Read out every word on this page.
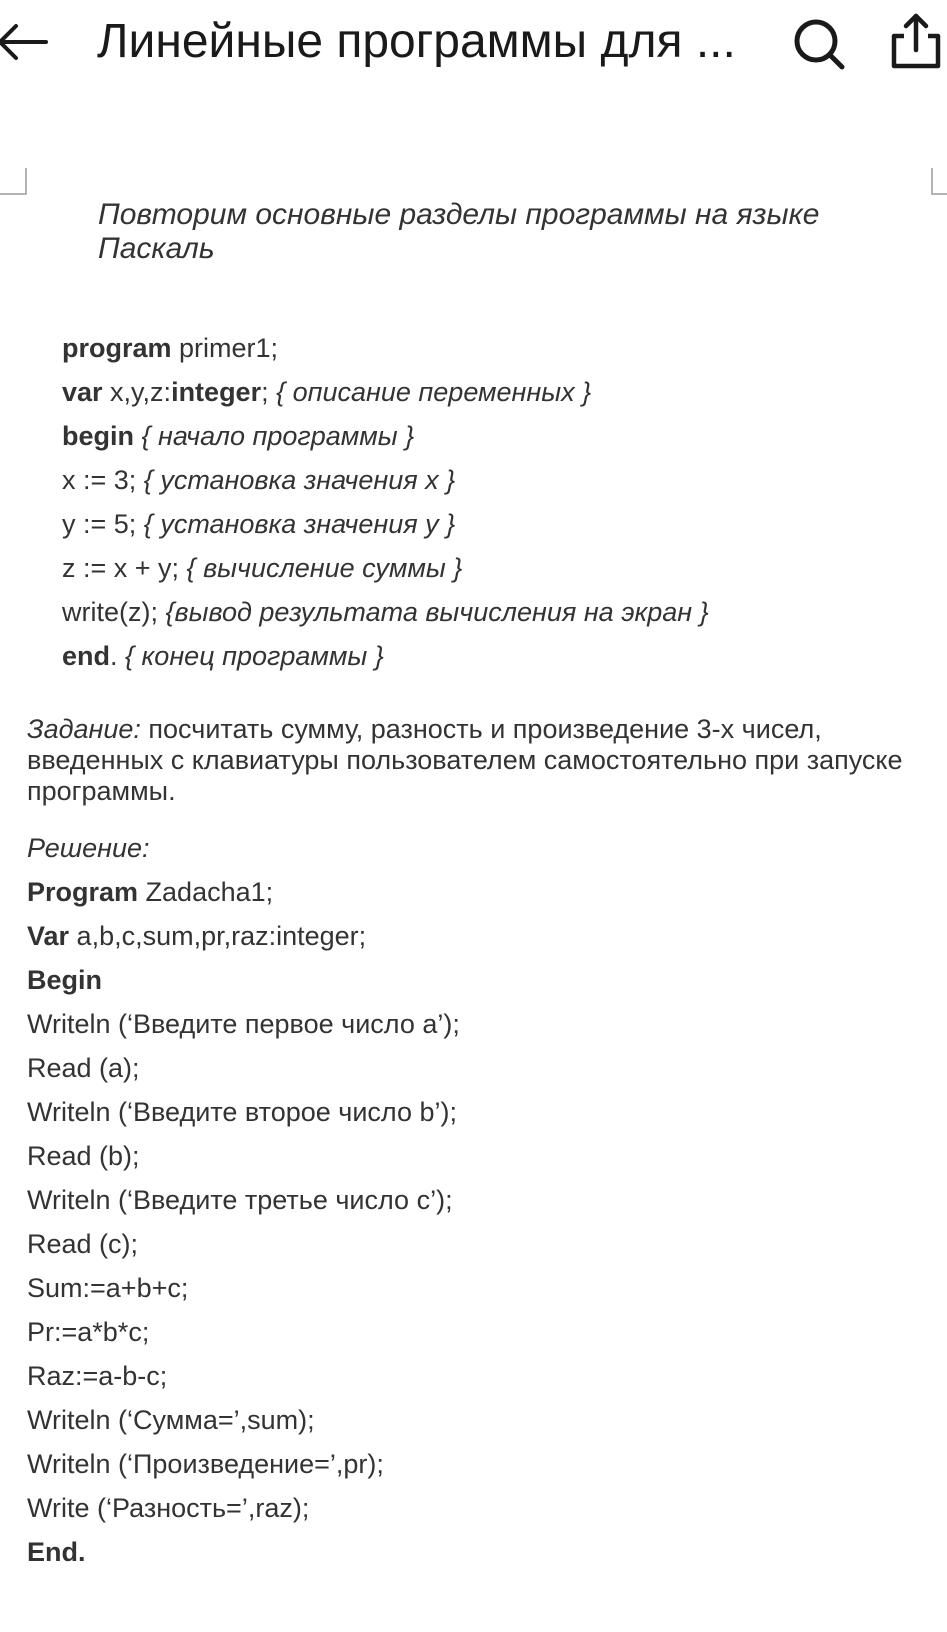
Линейные программы для ...
Повторим основные разделы программы на языке Паскаль
program primer1;
var x,y,z:integer; { описание переменных }
begin { начало программы }
x := 3; { установка значения x }
y := 5; { установка значения y }
z := x + y; { вычисление суммы }
write(z); {вывод результата вычисления на экран }
end. { конец программы }
Задание: посчитать сумму, разность и произведение 3-х чисел, введенных с клавиатуры пользователем самостоятельно при запуске программы.
Решение:
Program Zadacha1;
Var a,b,c,sum,pr,raz:integer;
Begin
Writeln (‘Введите первое число a’);
Read (a);
Writeln (‘Введите второе число b’);
Read (b);
Writeln (‘Введите третье число c’);
Read (c);
Sum:=a+b+c;
Pr:=a*b*c;
Raz:=a-b-c;
Writeln (‘Сумма=’,sum);
Writeln (‘Произведение=’,pr);
Write (‘Разность=’,raz);
End.
